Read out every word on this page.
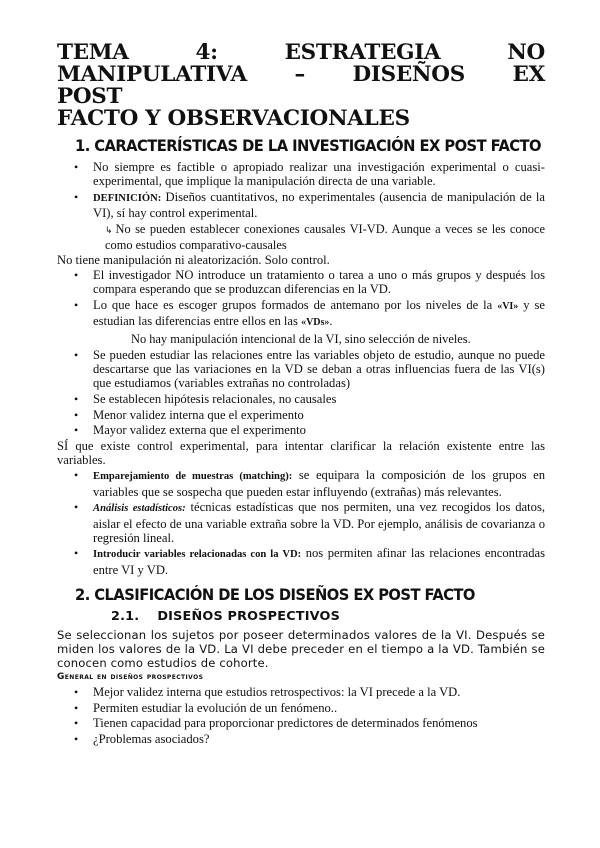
TEMA	4:	ESTRATEGIA	NO
MANIPULATIVA – DISEÑOS EX POST
FACTO Y OBSERVACIONALES
1. CARACTERÍSTICAS DE LA INVESTIGACIÓN EX POST FACTO
• No siempre es factible o apropiado realizar una investigación experimental o cuasi-experimental, que implique la manipulación directa de una variable.
• DEFINICIÓN: Diseños cuantitativos, no experimentales (ausencia de manipulación de la VI), sí hay control experimental.
↳ No se pueden establecer conexiones causales VI-VD. Aunque a veces se les conoce como estudios comparativo-causales
No tiene manipulación ni aleatorización. Solo control.
• El investigador NO introduce un tratamiento o tarea a uno o más grupos y después los compara esperando que se produzcan diferencias en la VD.
• Lo que hace es escoger grupos formados de antemano por los niveles de la «VI» y se estudian las diferencias entre ellos en las «VDs».
No hay manipulación intencional de la VI, sino selección de niveles.
• Se pueden estudiar las relaciones entre las variables objeto de estudio, aunque no puede descartarse que las variaciones en la VD se deban a otras influencias fuera de las VI(s) que estudiamos (variables extrañas no controladas)
• Se establecen hipótesis relacionales, no causales
• Menor validez interna que el experimento
• Mayor validez externa que el experimento
SÍ que existe control experimental, para intentar clarificar la relación existente entre las variables.
• Emparejamiento de muestras (matching): se equipara la composición de los grupos en variables que se sospecha que pueden estar influyendo (extrañas) más relevantes.
• Análisis estadísticos: técnicas estadísticas que nos permiten, una vez recogidos los datos, aislar el efecto de una variable extraña sobre la VD. Por ejemplo, análisis de covarianza o regresión lineal.
• Introducir variables relacionadas con la VD: nos permiten afinar las relaciones encontradas entre VI y VD.
2. CLASIFICACIÓN DE LOS DISEÑOS EX POST FACTO
2.1. DISEÑOS PROSPECTIVOS
Se seleccionan los sujetos por poseer determinados valores de la VI. Después se miden los valores de la VD. La VI debe preceder en el tiempo a la VD. También se conocen como estudios de cohorte.
General en diseños prospectivos
• Mejor validez interna que estudios retrospectivos: la VI precede a la VD.
• Permiten estudiar la evolución de un fenómeno..
• Tienen capacidad para proporcionar predictores de determinados fenómenos
• ¿Problemas asociados?
